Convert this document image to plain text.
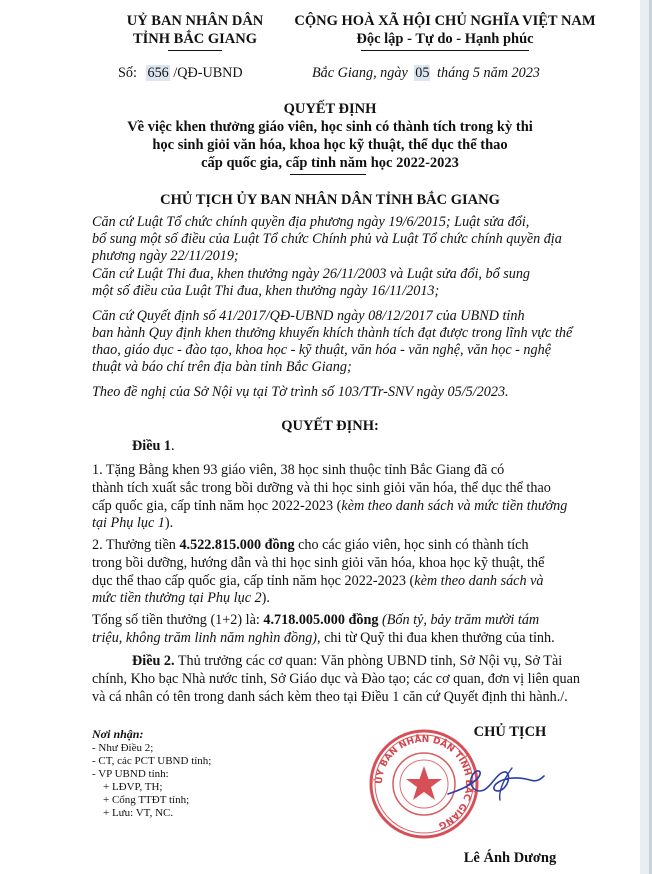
UỶ BAN NHÂN DÂN
TỈNH BẮC GIANG
CỘNG HOÀ XÃ HỘI CHỦ NGHĨA VIỆT NAM
Độc lập - Tự do - Hạnh phúc
Số: 656 /QĐ-UBND	Bắc Giang, ngày 05 tháng 5 năm 2023
QUYẾT ĐỊNH
Về việc khen thưởng giáo viên, học sinh có thành tích trong kỳ thi
học sinh giỏi văn hóa, khoa học kỹ thuật, thể dục thể thao
cấp quốc gia, cấp tỉnh năm học 2022-2023
CHỦ TỊCH ỦY BAN NHÂN DÂN TỈNH BẮC GIANG
Căn cứ Luật Tổ chức chính quyền địa phương ngày 19/6/2015; Luật sửa đổi,
bổ sung một số điều của Luật Tổ chức Chính phủ và Luật Tổ chức chính quyền địa
phương ngày 22/11/2019;
Căn cứ Luật Thi đua, khen thưởng ngày 26/11/2003 và Luật sửa đổi, bổ sung
một số điều của Luật Thi đua, khen thưởng ngày 16/11/2013;
Căn cứ Quyết định số 41/2017/QĐ-UBND ngày 08/12/2017 của UBND tỉnh
ban hành Quy định khen thưởng khuyến khích thành tích đạt được trong lĩnh vực thể
thao, giáo dục - đào tạo, khoa học - kỹ thuật, văn hóa - văn nghệ, văn học - nghệ
thuật và báo chí trên địa bàn tỉnh Bắc Giang;
Theo đề nghị của Sở Nội vụ tại Tờ trình số 103/TTr-SNV ngày 05/5/2023.
QUYẾT ĐỊNH:
Điều 1.
1. Tặng Bằng khen 93 giáo viên, 38 học sinh thuộc tỉnh Bắc Giang đã có
thành tích xuất sắc trong bồi dưỡng và thi học sinh giỏi văn hóa, thể dục thể thao
cấp quốc gia, cấp tỉnh năm học 2022-2023 (kèm theo danh sách và mức tiền thưởng
tại Phụ lục 1).
2. Thưởng tiền 4.522.815.000 đồng cho các giáo viên, học sinh có thành tích
trong bồi dưỡng, hướng dẫn và thi học sinh giỏi văn hóa, khoa học kỹ thuật, thể
dục thể thao cấp quốc gia, cấp tỉnh năm học 2022-2023 (kèm theo danh sách và
mức tiền thưởng tại Phụ lục 2).
Tổng số tiền thưởng (1+2) là: 4.718.005.000 đồng (Bốn tỷ, bảy trăm mười tám
triệu, không trăm linh năm nghìn đồng), chi từ Quỹ thi đua khen thưởng của tỉnh.
Điều 2. Thủ trưởng các cơ quan: Văn phòng UBND tỉnh, Sở Nội vụ, Sở Tài
chính, Kho bạc Nhà nước tỉnh, Sở Giáo dục và Đào tạo; các cơ quan, đơn vị liên quan
và cá nhân có tên trong danh sách kèm theo tại Điều 1 căn cứ Quyết định thi hành./.
Nơi nhận:
- Như Điều 2;
- CT, các PCT UBND tỉnh;
- VP UBND tỉnh:
+ LĐVP, TH;
+ Cổng TTĐT tỉnh;
+ Lưu: VT, NC.
CHỦ TỊCH
ỦY BAN NHÂN DÂN TỈNH BẮC GIANG
Lê Ánh Dương
